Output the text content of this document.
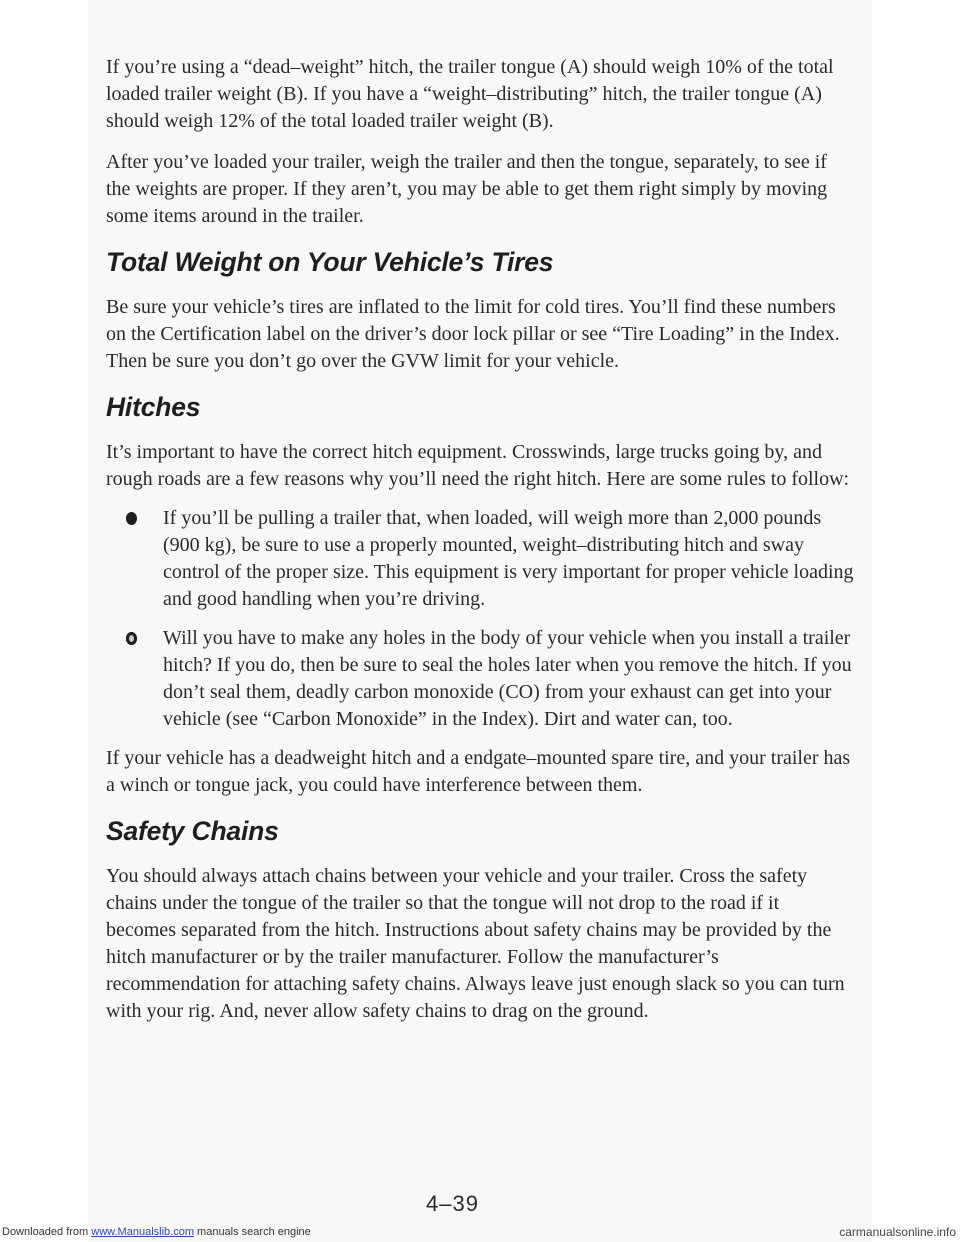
If you’re using a “dead–weight” hitch, the trailer tongue (A) should weigh 10% of the total loaded trailer weight (B). If you have a “weight–distributing” hitch, the trailer tongue (A) should weigh 12% of the total loaded trailer weight (B).

After you’ve loaded your trailer, weigh the trailer and then the tongue, separately, to see if the weights are proper. If they aren’t, you may be able to get them right simply by moving some items around in the trailer.

Total Weight on Your Vehicle’s Tires

Be sure your vehicle’s tires are inflated to the limit for cold tires. You’ll find these numbers on the Certification label on the driver’s door lock pillar or see “Tire Loading” in the Index. Then be sure you don’t go over the GVW limit for your vehicle.

Hitches

It’s important to have the correct hitch equipment. Crosswinds, large trucks going by, and rough roads are a few reasons why you’ll need the right hitch. Here are some rules to follow:

If you’ll be pulling a trailer that, when loaded, will weigh more than 2,000 pounds (900 kg), be sure to use a properly mounted, weight–distributing hitch and sway control of the proper size. This equipment is very important for proper vehicle loading and good handling when you’re driving.
Will you have to make any holes in the body of your vehicle when you install a trailer hitch? If you do, then be sure to seal the holes later when you remove the hitch. If you don’t seal them, deadly carbon monoxide (CO) from your exhaust can get into your vehicle (see “Carbon Monoxide” in the Index). Dirt and water can, too.

If your vehicle has a deadweight hitch and a endgate–mounted spare tire, and your trailer has a winch or tongue jack, you could have interference between them.

Safety Chains

You should always attach chains between your vehicle and your trailer. Cross the safety chains under the tongue of the trailer so that the tongue will not drop to the road if it becomes separated from the hitch. Instructions about safety chains may be provided by the hitch manufacturer or by the trailer manufacturer. Follow the manufacturer’s recommendation for attaching safety chains. Always leave just enough slack so you can turn with your rig. And, never allow safety chains to drag on the ground.

4–39
Downloaded from www.Manualslib.com manuals search engine	carmanualsonline.info
